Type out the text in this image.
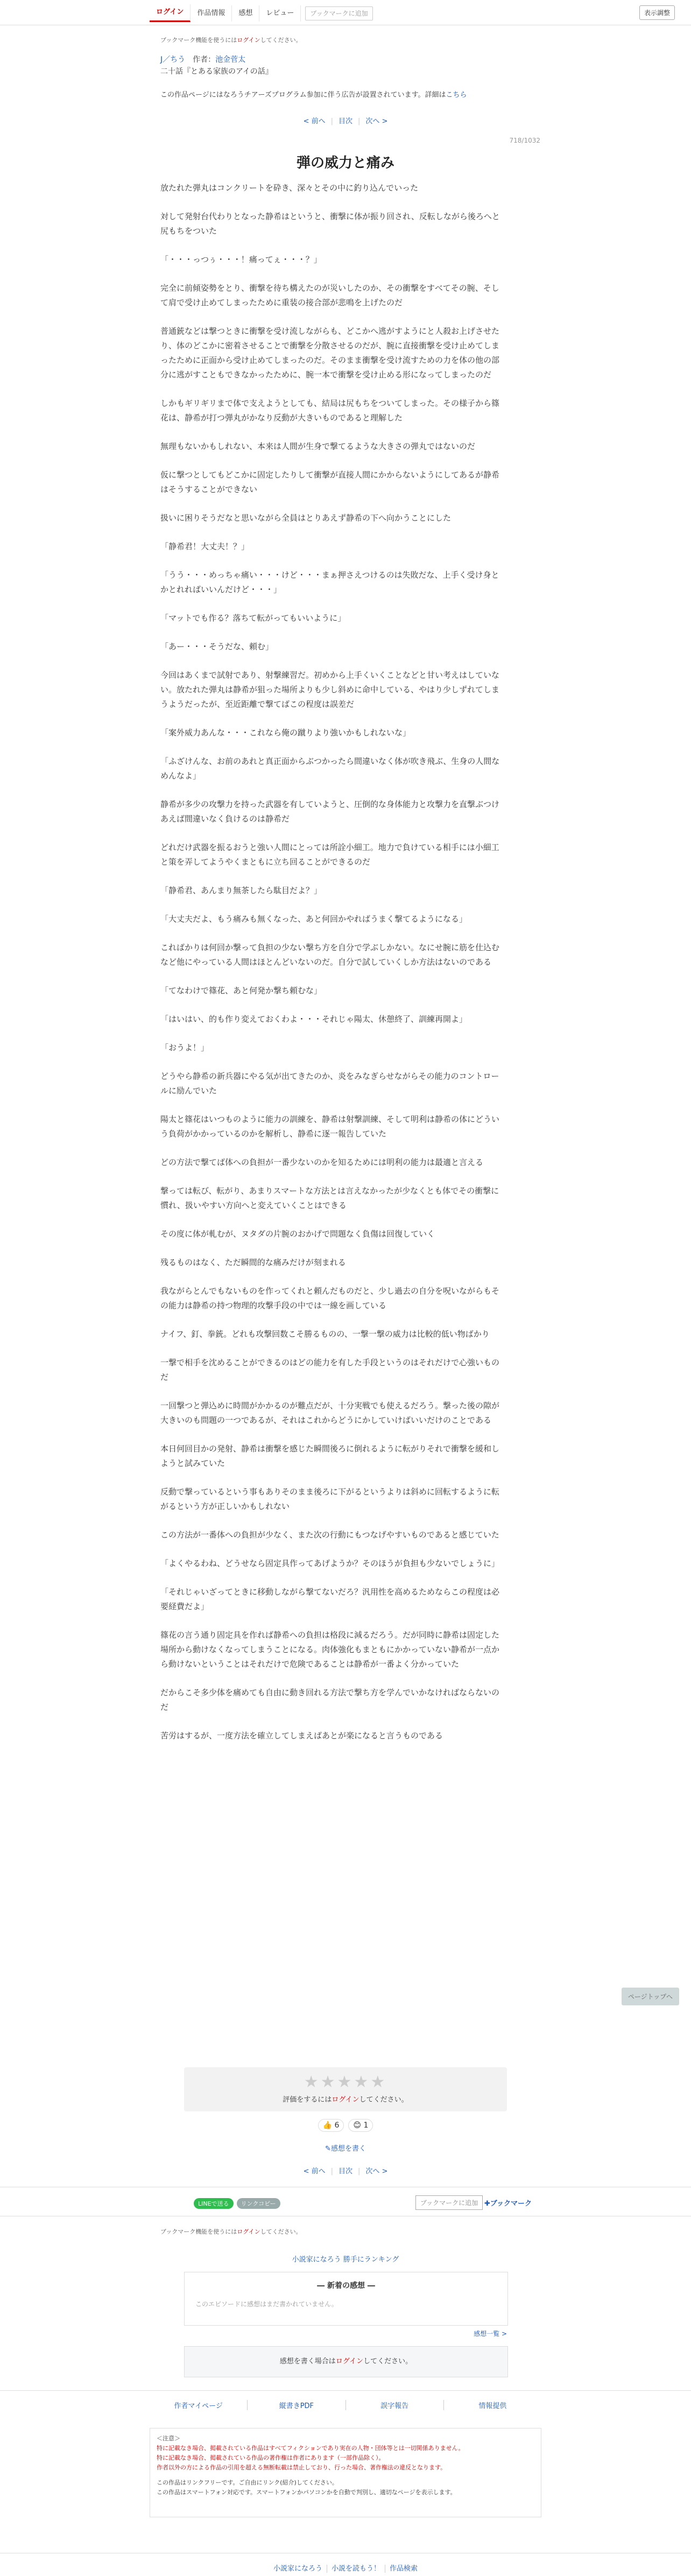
ログイン	作品情報	感想	レビュー	ブックマークに追加	表示調整
ブックマーク機能を使うにはログインしてください。
J／ちう　 作者：池金菅太
二十話『とある家族のアイの話』
この作品ページにはなろうチアーズプログラム参加に伴う広告が設置されています。詳細はこちら
< 前へ | 目次 | 次へ >
718/1032
弾の威力と痛み

放たれた弾丸はコンクリートを砕き、深々とその中に釣り込んでいった

対して発射台代わりとなった静希はというと、衝撃に体が振り回され、反転しながら後ろへと尻もちをついた

「・・・っつぅ・・・！痛ってぇ・・・？」

完全に前傾姿勢をとり、衝撃を待ち構えたのが災いしたのか、その衝撃をすべてその腕、そして肩で受け止めてしまったために重装の接合部が悲鳴を上げたのだ

普通銃などは撃つときに衝撃を受け流しながらも、どこかへ逃がすようにと人殺お上げさせたり、体のどこかに密着させることで衝撃を分散させるのだが、腕に直接衝撃を受け止めてしまったために正面から受け止めてしまったのだ。そのまま衝撃を受け流すための力を体の他の部分に逃がすこともできなかったために、腕一本で衝撃を受け止める形になってしまったのだ

しかもギリギリまで体で支えようとしても、結局は尻もちをついてしまった。その様子から篠花は、静希が打つ弾丸がかなり反動が大きいものであると理解した

無理もないかもしれない、本来は人間が生身で撃てるような大きさの弾丸ではないのだ

仮に撃つとしてもどこかに固定したりして衝撃が直接人間にかからないようにしてあるが静希はそうすることができない

扱いに困りそうだなと思いながら全員はとりあえず静希の下へ向かうことにした

「静希君！大丈夫！？」

「うう・・・めっちゃ痛い・・・けど・・・まぁ押さえつけるのは失敗だな、上手く受け身とかとれればいいんだけど・・・」

「マットでも作る？落ちて転がってもいいように」

「あー・・・そうだな、頼む」

今回はあくまで試射であり、射撃練習だ。初めから上手くいくことなどと甘い考えはしていない。放たれた弾丸は静希が狙った場所よりも少し斜めに命中している、やはり少しずれてしまうようだったが、至近距離で撃てばこの程度は誤差だ

「案外威力あんな・・・これなら俺の蹴りより強いかもしれないな」

「ふざけんな、お前のあれと真正面からぶつかったら間違いなく体が吹き飛ぶ、生身の人間なめんなよ」

静希が多少の攻撃力を持った武器を有していようと、圧倒的な身体能力と攻撃力を直撃ぶつけあえば間違いなく負けるのは静希だ

どれだけ武器を振るおうと強い人間にとっては所詮小細工。地力で負けている相手には小細工と策を弄してようやくまともに立ち回ることができるのだ

「静希君、あんまり無茶したら駄目だよ？」

「大丈夫だよ、もう痛みも無くなった、あと何回かやればうまく撃てるようになる」

こればかりは何回か撃って負担の少ない撃ち方を自分で学ぶしかない。なにせ腕に筋を仕込むなど他にやっている人間はほとんどいないのだ。自分で試していくしか方法はないのである

「てなわけで篠花、あと何発か撃ち頼むな」

「はいはい、的も作り変えておくわよ・・・それじゃ陽太、休憩終了、訓練再開よ」

「おうよ！」

どうやら静希の新兵器にやる気が出てきたのか、炎をみなぎらせながらその能力のコントロールに励んでいた

陽太と篠花はいつものように能力の訓練を、静希は射撃訓練、そして明利は静希の体にどういう負荷がかかっているのかを解析し、静希に逐一報告していた

どの方法で撃てば体への負担が一番少ないのかを知るためには明利の能力は最適と言える

撃っては転び、転がり、あまりスマートな方法とは言えなかったが少なくとも体でその衝撃に慣れ、扱いやすい方向へと変えていくことはできる

その度に体が軋むが、ヌタダの片腕のおかげで問題なく負傷は回復していく

残るものはなく、ただ瞬間的な痛みだけが刻まれる

我ながらとんでもないものを作ってくれと頼んだものだと、少し過去の自分を呪いながらもその能力は静希の持つ物理的攻撃手段の中では一線を画している

ナイフ、釘、拳銃。どれも攻撃回数こそ勝るものの、一撃一撃の威力は比較的低い物ばかり

一撃で相手を沈めることができるのはどの能力を有した手段というのはそれだけで心強いものだ

一回撃つと弾込めに時間がかかるのが難点だが、十分実戦でも使えるだろう。撃った後の隙が大きいのも問題の一つであるが、それはこれからどうにかしていけばいいだけのことである

本日何回目かの発射、静希は衝撃を感じた瞬間後ろに倒れるように転がりそれで衝撃を緩和しようと試みていた

反動で撃っているという事もありそのまま後ろに下がるというよりは斜めに回転するように転がるという方が正しいかもしれない

この方法が一番体への負担が少なく、また次の行動にもつなげやすいものであると感じていた

「よくやるわね、どうせなら固定具作ってあげようか？そのほうが負担も少ないでしょうに」

「それじゃいざってときに移動しながら撃てないだろ？汎用性を高めるためならこの程度は必要経費だよ」

篠花の言う通り固定具を作れば静希への負担は格段に減るだろう。だが同時に静希は固定した場所から動けなくなってしまうことになる。肉体強化もまともにかかっていない静希が一点から動けないということはそれだけで危険であることは静希が一番よく分かっていた

だからこそ多少体を痛めても自由に動き回れる方法で撃ち方を学んでいかなければならないのだ

苦労はするが、一度方法を確立してしまえばあとが楽になると言うものである

ページトップへ
★★★★★
評価をするにはログインしてください。
👍 6 😊 1
✎感想を書く
< 前へ | 目次 | 次へ >
LINEで送る	リンクコピー	ブックマークに追加 ✚ブックマーク
ブックマーク機能を使うにはログインしてください。
小説家になろう 勝手にランキング
― 新着の感想 ―
このエピソードに感想はまだ書かれていません。
感想一覧 >
感想を書く場合はログインしてください。
作者マイページ	縦書きPDF	誤字報告	情報提供
＜注意＞
特に記載なき場合、掲載されている作品はすべてフィクションであり実在の人物・団体等とは一切関係ありません。
特に記載なき場合、掲載されている作品の著作権は作者にあります（一部作品除く）。
作者以外の方による作品の引用を超える無断転載は禁止しており、行った場合、著作権法の違反となります。
この作品はリンクフリーです。ご自由にリンク(紹介)してください。
この作品はスマートフォン対応です。スマートフォンかパソコンかを自動で判別し、適切なページを表示します。
小説家になろう 小説を読もう！ 作品検索
